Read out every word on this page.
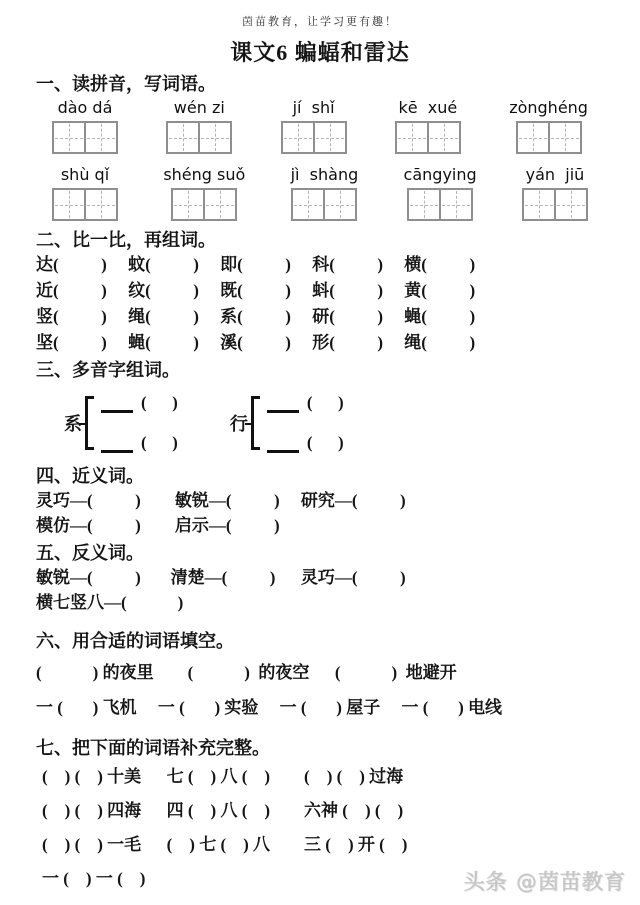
茵苗教育，让学习更有趣！
课文6 蝙蝠和雷达
一、读拼音，写词语。
dào dá	wén zi	jí  shǐ	kē  xué	zònghéng
shù qǐ	shéng suǒ	jì  shàng	cāngying	yán  jiū
二、比一比，再组词。
达(          )     蚊(          )     即(          )     科(          )     横(          )
近(          )     纹(          )     既(          )     蚪(          )     黄(          )
竖(          )     绳(          )     系(          )     研(          )     蝇(          )
坚(          )     蝇(          )     溪(          )     形(          )     绳(          )
三、多音字组词。
系
(      )
(      )
行
(      )
(      )
四、近义词。
灵巧—(          )        敏锐—(          )     研究—(          )
模仿—(          )        启示—(          )
五、反义词。
敏锐—(          )       清楚—(          )      灵巧—(          )
横七竖八—(            )
六、用合适的词语填空。
(            ) 的夜里        (            )  的夜空      (            )  地避开
一 (       ) 飞机     一 (       ) 实验     一 (       ) 屋子     一 (       ) 电线
七、把下面的词语补充完整。
(    ) (    ) 十美      七 (    ) 八 (    )        (    ) (    ) 过海
(    ) (    ) 四海      四 (    ) 八 (    )        六神 (    ) (    )
(    ) (    ) 一毛      (    ) 七 (    ) 八        三 (    ) 开 (    )
一 (    ) 一 (    )	头条 @茵苗教育
